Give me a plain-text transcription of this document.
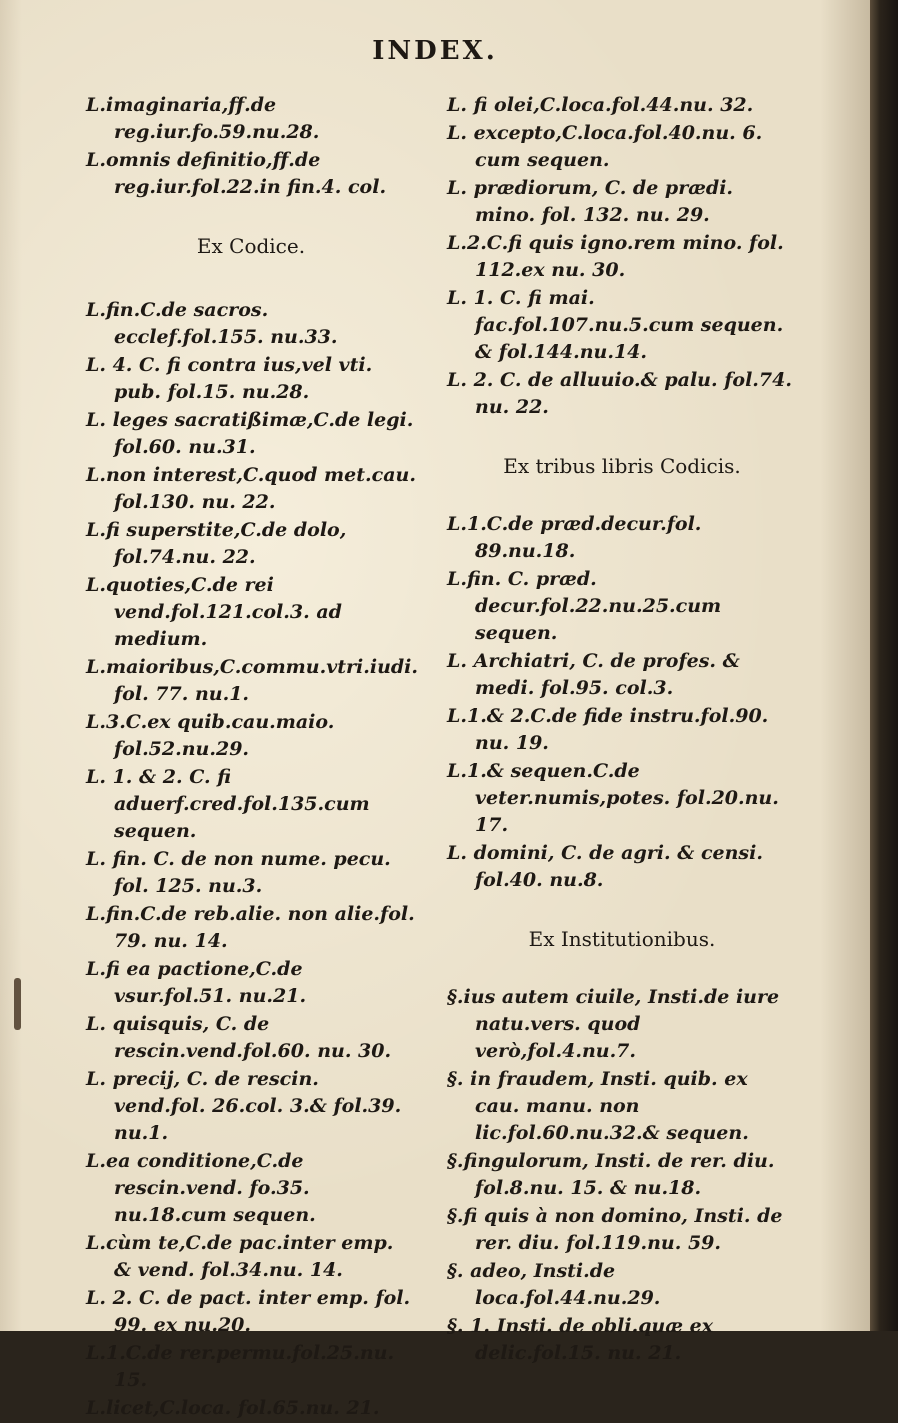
INDEX.
L.imaginaria,ff.de reg.iur.fo.59.nu.28.
L.omnis definitio,ff.de reg.iur.fol.22.in fin.4. col.
Ex Codice.
L.fin.C.de sacros. ecclef.fol.155. nu.33.
L. 4. C. fi contra ius,vel vti. pub. fol.15. nu.28.
L. leges sacratißimæ,C.de legi. fol.60. nu.31.
L.non interest,C.quod met.cau. fol.130. nu. 22.
L.fi superstite,C.de dolo, fol.74.nu. 22.
L.quoties,C.de rei vend.fol.121.col.3. ad medium.
L.maioribus,C.commu.vtri.iudi. fol. 77. nu.1.
L.3.C.ex quib.cau.maio. fol.52.nu.29.
L. 1. & 2. C. fi aduerf.cred.fol.135.cum sequen.
L. fin. C. de non nume. pecu. fol. 125. nu.3.
L.fin.C.de reb.alie. non alie.fol. 79. nu. 14.
L.fi ea pactione,C.de vsur.fol.51. nu.21.
L. quisquis, C. de rescin.vend.fol.60. nu. 30.
L. precij, C. de rescin. vend.fol. 26.col. 3.& fol.39. nu.1.
L.ea conditione,C.de rescin.vend. fo.35. nu.18.cum sequen.
L.cùm te,C.de pac.inter emp. & vend. fol.34.nu. 14.
L. 2. C. de pact. inter emp. fol. 99. ex nu.20.
L.1.C.de rer.permu.fol.25.nu. 15.
L.licet,C.loca. fol.65.nu. 21.
L. fi olei,C.loca.fol.44.nu. 32.
L. excepto,C.loca.fol.40.nu. 6. cum sequen.
L. prædiorum, C. de prædi. mino. fol. 132. nu. 29.
L.2.C.fi quis igno.rem mino. fol. 112.ex nu. 30.
L. 1. C. fi mai. fac.fol.107.nu.5.cum sequen. & fol.144.nu.14.
L. 2. C. de alluuio.& palu. fol.74. nu. 22.
Ex tribus libris Codicis.
L.1.C.de præd.decur.fol. 89.nu.18.
L.fin. C. præd. decur.fol.22.nu.25.cum sequen.
L. Archiatri, C. de profes. & medi. fol.95. col.3.
L.1.& 2.C.de fide instru.fol.90. nu. 19.
L.1.& sequen.C.de veter.numis,potes. fol.20.nu. 17.
L. domini, C. de agri. & censi. fol.40. nu.8.
Ex Institutionibus.
§.ius autem ciuile, Insti.de iure natu.vers. quod verò,fol.4.nu.7.
§. in fraudem, Insti. quib. ex cau. manu. non lic.fol.60.nu.32.& sequen.
§.fingulorum, Insti. de rer. diu. fol.8.nu. 15. & nu.18.
§.fi quis à non domino, Insti. de rer. diu. fol.119.nu. 59.
§. adeo, Insti.de loca.fol.44.nu.29.
§. 1. Insti. de obli.quæ ex delic.fol.15. nu. 21.
